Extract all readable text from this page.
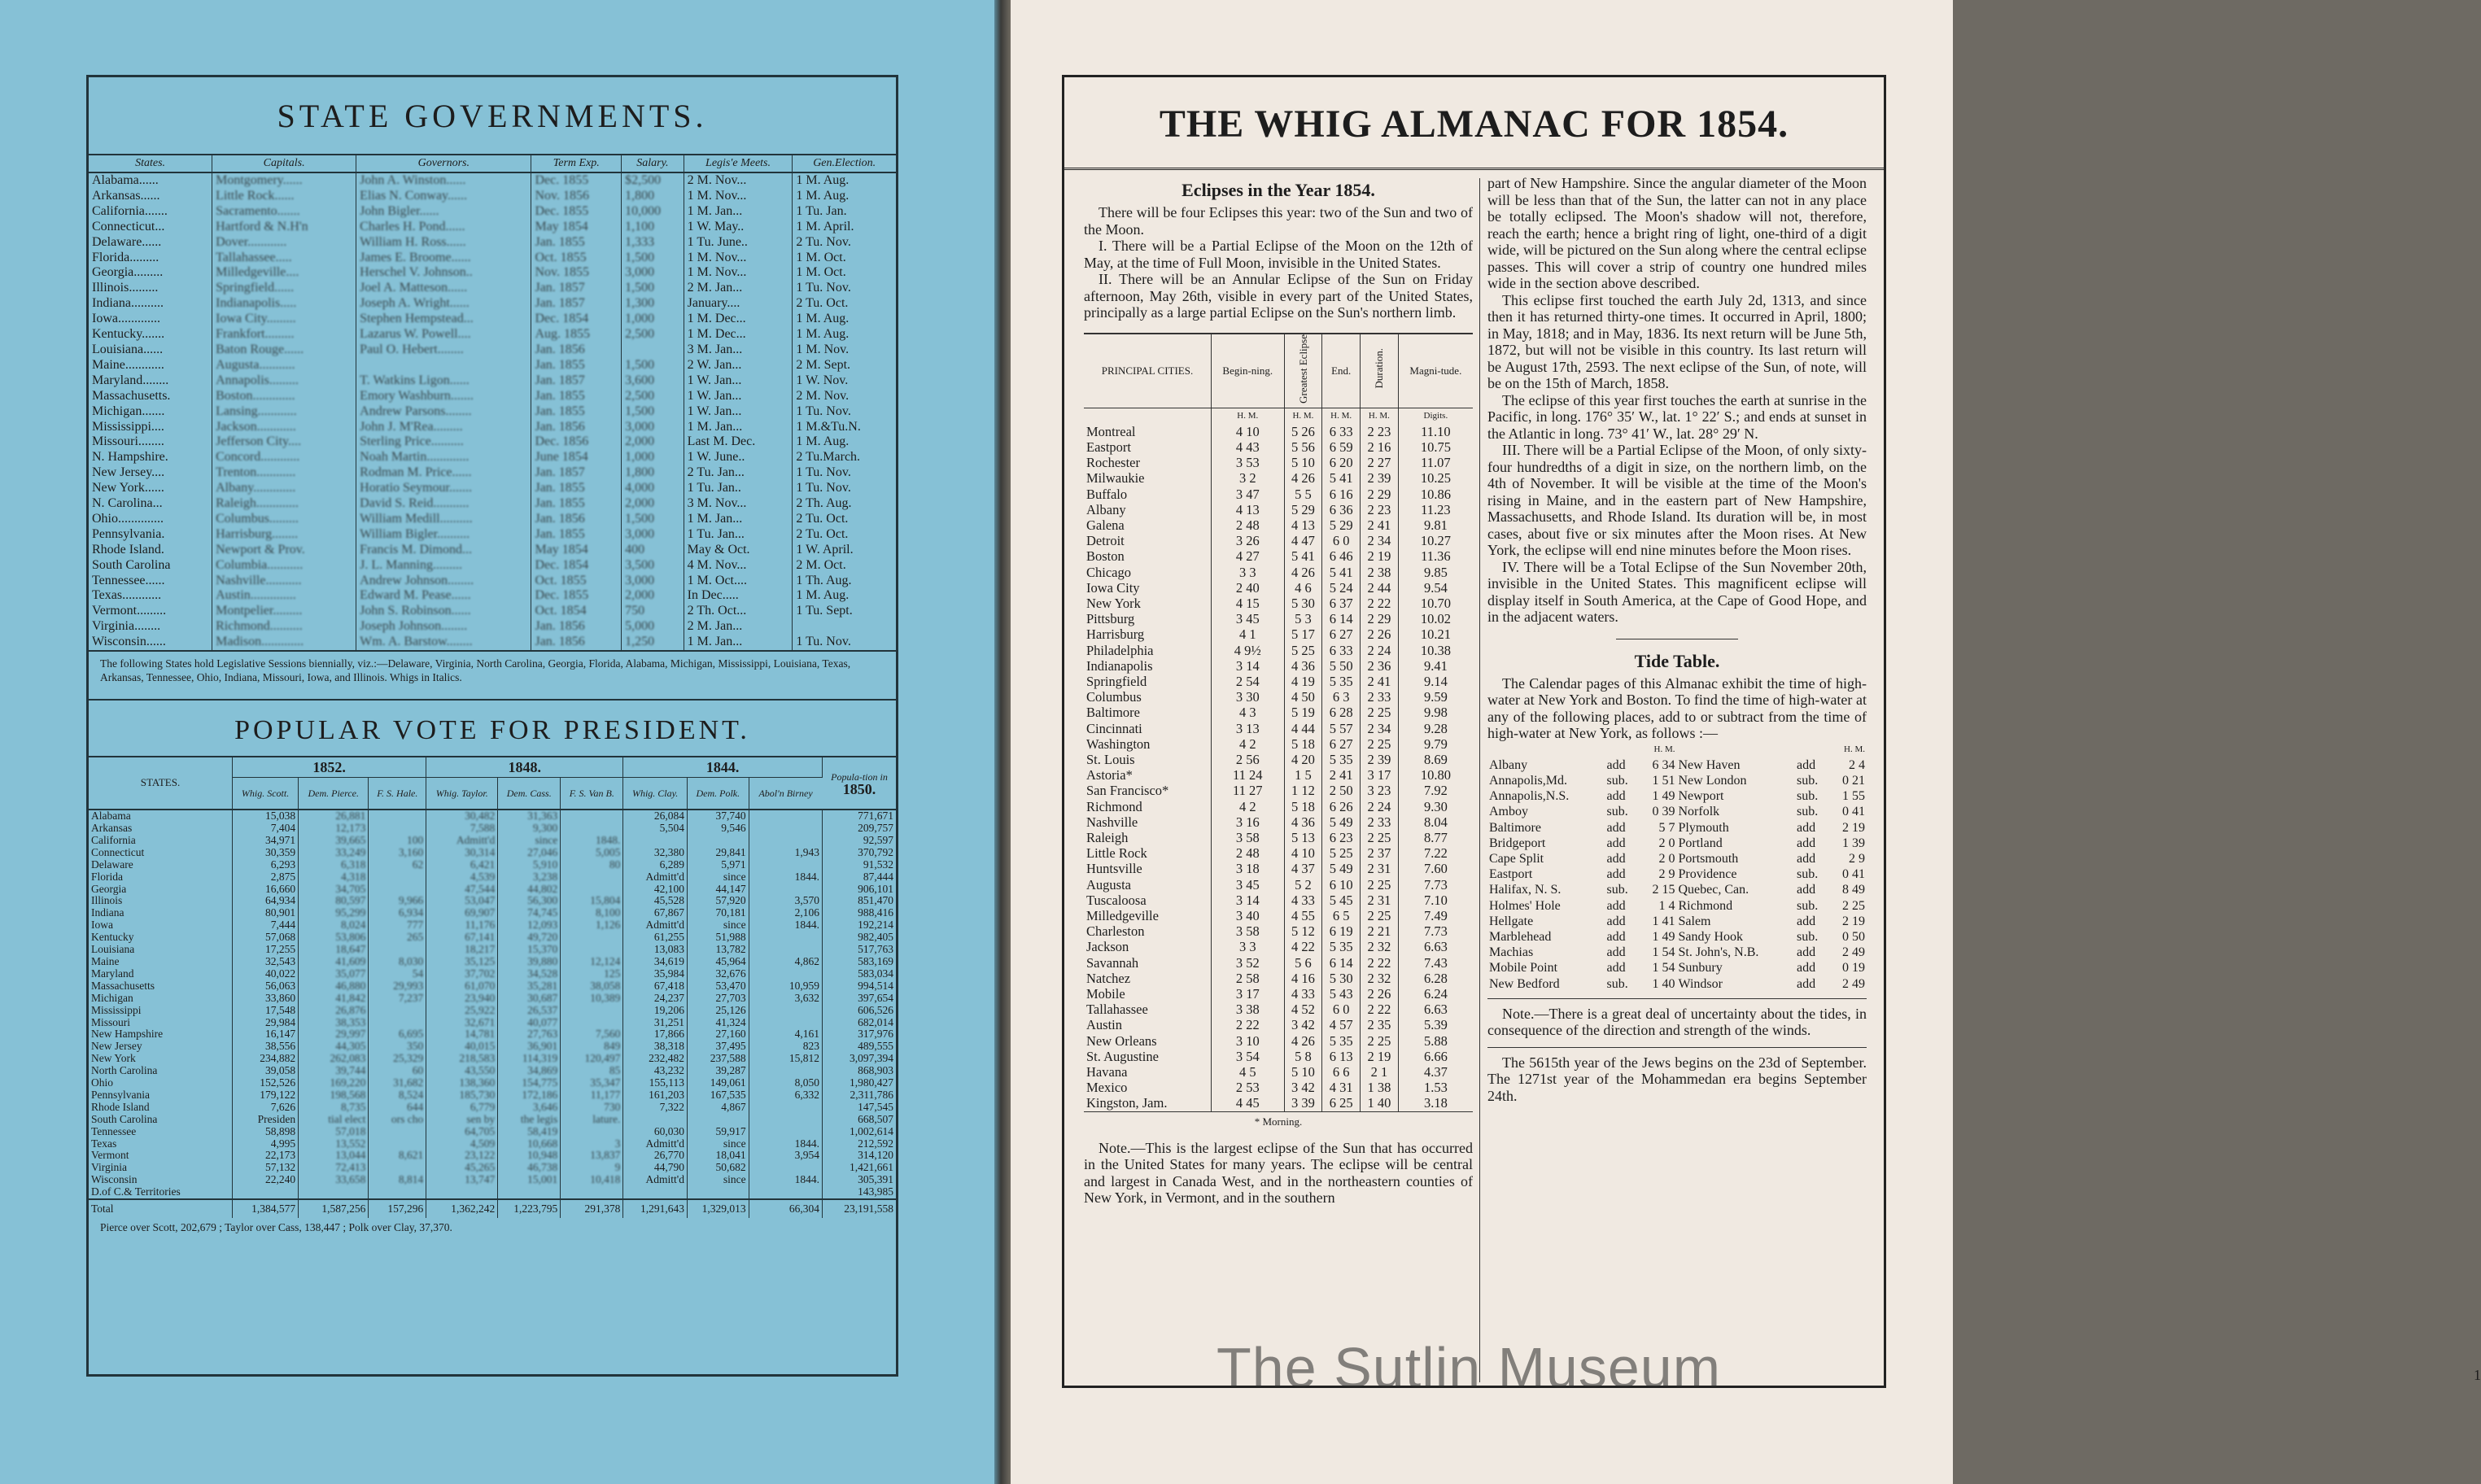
STATE GOVERNMENTS.
States.	Capitals.	Governors.	Term Exp.	Salary.	Legis'e Meets.	Gen.Election.
Alabama......	Montgomery......	John A. Winston......	Dec. 1855	$2,500	2 M. Nov...	1 M. Aug.
Arkansas......	Little Rock......	Elias N. Conway......	Nov. 1856	1,800	1 M. Nov...	1 M. Aug.
California.......	Sacramento.......	John Bigler......	Dec. 1855	10,000	1 M. Jan...	1 Tu. Jan.
Connecticut...	Hartford & N.H'n	Charles H. Pond......	May 1854	1,100	1 W. May..	1 M. April.
Delaware......	Dover............	William H. Ross......	Jan. 1855	1,333	1 Tu. June..	2 Tu. Nov.
Florida.........	Tallahassee.....	James E. Broome......	Oct. 1855	1,500	1 M. Nov...	1 M. Oct.
Georgia.........	Milledgeville....	Herschel V. Johnson..	Nov. 1855	3,000	1 M. Nov...	1 M. Oct.
Illinois.........	Springfield......	Joel A. Matteson......	Jan. 1857	1,500	2 M. Jan...	1 Tu. Nov.
Indiana..........	Indianapolis.....	Joseph A. Wright......	Jan. 1857	1,300	January....	2 Tu. Oct.
Iowa.............	Iowa City.........	Stephen Hempstead...	Dec. 1854	1,000	1 M. Dec...	1 M. Aug.
Kentucky.......	Frankfort.........	Lazarus W. Powell....	Aug. 1855	2,500	1 M. Dec...	1 M. Aug.
Louisiana......	Baton Rouge......	Paul O. Hebert........	Jan. 1856		3 M. Jan...	1 M. Nov.
Maine............	Augusta...........		Jan. 1855	1,500	2 W. Jan...	2 M. Sept.
Maryland........	Annapolis.........	T. Watkins Ligon......	Jan. 1857	3,600	1 W. Jan...	1 W. Nov.
Massachusetts.	Boston.............	Emory Washburn.......	Jan. 1855	2,500	1 W. Jan...	2 M. Nov.
Michigan.......	Lansing............	Andrew Parsons........	Jan. 1855	1,500	1 W. Jan...	1 Tu. Nov.
Mississippi....	Jackson............	John J. M'Rea.........	Jan. 1856	3,000	1 M. Jan...	1 M.&Tu.N.
Missouri........	Jefferson City....	Sterling Price..........	Dec. 1856	2,000	Last M. Dec.	1 M. Aug.
N. Hampshire.	Concord............	Noah Martin.............	June 1854	1,000	1 W. June..	2 Tu.March.
New Jersey....	Trenton............	Rodman M. Price......	Jan. 1857	1,800	2 Tu. Jan...	1 Tu. Nov.
New York......	Albany.............	Horatio Seymour.......	Jan. 1855	4,000	1 Tu. Jan..	1 Tu. Nov.
N. Carolina...	Raleigh.............	David S. Reid...........	Jan. 1855	2,000	3 M. Nov...	2 Th. Aug.
Ohio..............	Columbus.........	William Medill..........	Jan. 1856	1,500	1 M. Jan...	2 Tu. Oct.
Pennsylvania.	Harrisburg........	William Bigler..........	Jan. 1855	3,000	1 Tu. Jan...	2 Tu. Oct.
Rhode Island.	Newport & Prov.	Francis M. Dimond...	May 1854	400	May & Oct.	1 W. April.
South Carolina	Columbia...........	J. L. Manning.........	Dec. 1854	3,500	4 M. Nov...	2 M. Oct.
Tennessee......	Nashville...........	Andrew Johnson........	Oct. 1855	3,000	1 M. Oct....	1 Th. Aug.
Texas............	Austin..............	Edward M. Pease......	Dec. 1855	2,000	In Dec.....	1 M. Aug.
Vermont.........	Montpelier.........	John S. Robinson......	Oct. 1854	750	2 Th. Oct...	1 Tu. Sept.
Virginia........	Richmond..........	Joseph Johnson........	Jan. 1856	5,000	2 M. Jan...	
Wisconsin......	Madison.............	Wm. A. Barstow........	Jan. 1856	1,250	1 M. Jan...	1 Tu. Nov.
The following States hold Legislative Sessions biennially, viz.:—Delaware, Virginia, North Carolina, Georgia, Florida, Alabama, Michigan, Mississippi, Louisiana, Texas, Arkansas, Tennessee, Ohio, Indiana, Missouri, Iowa, and Illinois. Whigs in Italics.
POPULAR VOTE FOR PRESIDENT.
STATES.	1852.			1848.			1844.			Popula-tion in
1850.

	Whig. Scott.	Dem. Pierce.	F. S. Hale.	Whig. Taylor.	Dem. Cass.	F. S. Van B.	Whig. Clay.	Dem. Polk.	Abol'n Birney	
Alabama	15,038	26,881		30,482	31,363		26,084	37,740		771,671
Arkansas	7,404	12,173		7,588	9,300		5,504	9,546		209,757
California	34,971	39,665	100	Admitt'd	since	1848.				92,597
Connecticut	30,359	33,249	3,160	30,314	27,046	5,005	32,380	29,841	1,943	370,792
Delaware	6,293	6,318	62	6,421	5,910	80	6,289	5,971		91,532
Florida	2,875	4,318		4,539	3,238		Admitt'd	since	1844.	87,444
Georgia	16,660	34,705		47,544	44,802		42,100	44,147		906,101
Illinois	64,934	80,597	9,966	53,047	56,300	15,804	45,528	57,920	3,570	851,470
Indiana	80,901	95,299	6,934	69,907	74,745	8,100	67,867	70,181	2,106	988,416
Iowa	7,444	8,024	777	11,176	12,093	1,126	Admitt'd	since	1844.	192,214
Kentucky	57,068	53,806	265	67,141	49,720		61,255	51,988		982,405
Louisiana	17,255	18,647		18,217	15,370		13,083	13,782		517,763
Maine	32,543	41,609	8,030	35,125	39,880	12,124	34,619	45,964	4,862	583,169
Maryland	40,022	35,077	54	37,702	34,528	125	35,984	32,676		583,034
Massachusetts	56,063	46,880	29,993	61,070	35,281	38,058	67,418	53,470	10,959	994,514
Michigan	33,860	41,842	7,237	23,940	30,687	10,389	24,237	27,703	3,632	397,654
Mississippi	17,548	26,876		25,922	26,537		19,206	25,126		606,526
Missouri	29,984	38,353		32,671	40,077		31,251	41,324		682,014
New Hampshire	16,147	29,997	6,695	14,781	27,763	7,560	17,866	27,160	4,161	317,976
New Jersey	38,556	44,305	350	40,015	36,901	849	38,318	37,495	823	489,555
New York	234,882	262,083	25,329	218,583	114,319	120,497	232,482	237,588	15,812	3,097,394
North Carolina	39,058	39,744	60	43,550	34,869	85	43,232	39,287		868,903
Ohio	152,526	169,220	31,682	138,360	154,775	35,347	155,113	149,061	8,050	1,980,427
Pennsylvania	179,122	198,568	8,524	185,730	172,186	11,177	161,203	167,535	6,332	2,311,786
Rhode Island	7,626	8,735	644	6,779	3,646	730	7,322	4,867		147,545
South Carolina	Presiden	tial elect	ors cho	sen by	the legis	lature.				668,507
Tennessee	58,898	57,018		64,705	58,419		60,030	59,917		1,002,614
Texas	4,995	13,552		4,509	10,668	3	Admitt'd	since	1844.	212,592
Vermont	22,173	13,044	8,621	23,122	10,948	13,837	26,770	18,041	3,954	314,120
Virginia	57,132	72,413		45,265	46,738	9	44,790	50,682		1,421,661
Wisconsin	22,240	33,658	8,814	13,747	15,001	10,418	Admitt'd	since	1844.	305,391
D.of C.& Territories										143,985
Total	1,384,577	1,587,256	157,296	1,362,242	1,223,795	291,378	1,291,643	1,329,013	66,304	23,191,558
Pierce over Scott, 202,679 ; Taylor over Cass, 138,447 ; Polk over Clay, 37,370.
THE WHIG ALMANAC FOR 1854.
Eclipses in the Year 1854.

There will be four Eclipses this year: two of the Sun and two of the Moon.

I. There will be a Partial Eclipse of the Moon on the 12th of May, at the time of Full Moon, invisible in the United States.

II. There will be an Annular Eclipse of the Sun on Friday afternoon, May 26th, visible in every part of the United States, principally as a large partial Eclipse on the Sun's northern limb.

PRINCIPAL CITIES.	Begin-ning.	Greatest Eclipse	End.	Duration.	Magni-tude.
	H. M.	H. M.	H. M.	H. M.	Digits.
Montreal	4 10	5 26	6 33	2 23	11.10
Eastport	4 43	5 56	6 59	2 16	10.75
Rochester	3 53	5 10	6 20	2 27	11.07
Milwaukie	3 2	4 26	5 41	2 39	10.25
Buffalo	3 47	5 5	6 16	2 29	10.86
Albany	4 13	5 29	6 36	2 23	11.23
Galena	2 48	4 13	5 29	2 41	9.81
Detroit	3 26	4 47	6 0	2 34	10.27
Boston	4 27	5 41	6 46	2 19	11.36
Chicago	3 3	4 26	5 41	2 38	9.85
Iowa City	2 40	4 6	5 24	2 44	9.54
New York	4 15	5 30	6 37	2 22	10.70
Pittsburg	3 45	5 3	6 14	2 29	10.02
Harrisburg	4 1	5 17	6 27	2 26	10.21
Philadelphia	4 9½	5 25	6 33	2 24	10.38
Indianapolis	3 14	4 36	5 50	2 36	9.41
Springfield	2 54	4 19	5 35	2 41	9.14
Columbus	3 30	4 50	6 3	2 33	9.59
Baltimore	4 3	5 19	6 28	2 25	9.98
Cincinnati	3 13	4 44	5 57	2 34	9.28
Washington	4 2	5 18	6 27	2 25	9.79
St. Louis	2 56	4 20	5 35	2 39	8.69
Astoria*	11 24	1 5	2 41	3 17	10.80
San Francisco*	11 27	1 12	2 50	3 23	7.92
Richmond	4 2	5 18	6 26	2 24	9.30
Nashville	3 16	4 36	5 49	2 33	8.04
Raleigh	3 58	5 13	6 23	2 25	8.77
Little Rock	2 48	4 10	5 25	2 37	7.22
Huntsville	3 18	4 37	5 49	2 31	7.60
Augusta	3 45	5 2	6 10	2 25	7.73
Tuscaloosa	3 14	4 33	5 45	2 31	7.10
Milledgeville	3 40	4 55	6 5	2 25	7.49
Charleston	3 58	5 12	6 19	2 21	7.73
Jackson	3 3	4 22	5 35	2 32	6.63
Savannah	3 52	5 6	6 14	2 22	7.43
Natchez	2 58	4 16	5 30	2 32	6.28
Mobile	3 17	4 33	5 43	2 26	6.24
Tallahassee	3 38	4 52	6 0	2 22	6.63
Austin	2 22	3 42	4 57	2 35	5.39
New Orleans	3 10	4 26	5 35	2 25	5.88
St. Augustine	3 54	5 8	6 13	2 19	6.66
Havana	4 5	5 10	6 6	2 1	4.37
Mexico	2 53	3 42	4 31	1 38	1.53
Kingston, Jam.	4 45	3 39	6 25	1 40	3.18
* Morning.

Note.—This is the largest eclipse of the Sun that has occurred in the United States for many years. The eclipse will be central and largest in Canada West, and in the northeastern counties of New York, in Vermont, and in the southern

part of New Hampshire. Since the angular diameter of the Moon will be less than that of the Sun, the latter can not in any place be totally eclipsed. The Moon's shadow will not, therefore, reach the earth; hence a bright ring of light, one-third of a digit wide, will be pictured on the Sun along where the central eclipse passes. This will cover a strip of country one hundred miles wide in the section above described.

This eclipse first touched the earth July 2d, 1313, and since then it has returned thirty-one times. It occurred in April, 1800; in May, 1818; and in May, 1836. Its next return will be June 5th, 1872, but will not be visible in this country. Its last return will be August 17th, 2593. The next eclipse of the Sun, of note, will be on the 15th of March, 1858.

The eclipse of this year first touches the earth at sunrise in the Pacific, in long. 176° 35′ W., lat. 1° 22′ S.; and ends at sunset in the Atlantic in long. 73° 41′ W., lat. 28° 29′ N.

III. There will be a Partial Eclipse of the Moon, of only sixty-four hundredths of a digit in size, on the northern limb, on the 4th of November. It will be visible at the time of the Moon's rising in Maine, and in the eastern part of New Hampshire, Massachusetts, and Rhode Island. Its duration will be, in most cases, about five or six minutes after the Moon rises. At New York, the eclipse will end nine minutes before the Moon rises.

IV. There will be a Total Eclipse of the Sun November 20th, invisible in the United States. This magnificent eclipse will display itself in South America, at the Cape of Good Hope, and in the adjacent waters.

Tide Table.

The Calendar pages of this Almanac exhibit the time of high-water at New York and Boston. To find the time of high-water at any of the following places, add to or subtract from the time of high-water at New York, as follows :—

		H. M.			H. M.
Albany	add	6 34	New Haven	add	2 4
Annapolis,Md.	sub.	1 51	New London	sub.	0 21
Annapolis,N.S.	add	1 49	Newport	sub.	1 55
Amboy	sub.	0 39	Norfolk	sub.	0 41
Baltimore	add	5 7	Plymouth	add	2 19
Bridgeport	add	2 0	Portland	add	1 39
Cape Split	add	2 0	Portsmouth	add	2 9
Eastport	add	2 9	Providence	sub.	0 41
Halifax, N. S.	sub.	2 15	Quebec, Can.	add	8 49
Holmes' Hole	add	1 4	Richmond	sub.	2 25
Hellgate	add	1 41	Salem	add	2 19
Marblehead	add	1 49	Sandy Hook	sub.	0 50
Machias	add	1 54	St. John's, N.B.	add	2 49
Mobile Point	add	1 54	Sunbury	add	0 19
New Bedford	sub.	1 40	Windsor	add	2 49

Note.—There is a great deal of uncertainty about the tides, in consequence of the direction and strength of the winds.

The 5615th year of the Jews begins on the 23d of September. The 1271st year of the Mohammedan era begins September 24th.

1
The Sutlin Museum
